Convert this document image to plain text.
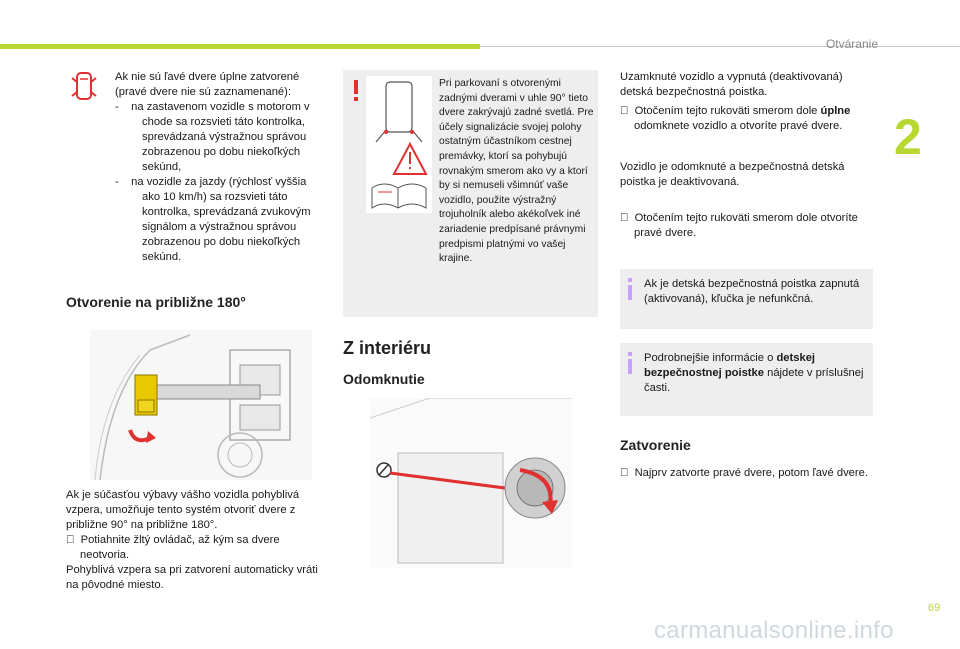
Otváranie
2
Ak nie sú ľavé dvere úplne zatvorené (pravé dvere nie sú zaznamenané):
-    na zastavenom vozidle s motorom v chode sa rozsvieti táto kontrolka, sprevádzaná výstražnou správou zobrazenou po dobu niekoľkých sekúnd,
-    na vozidle za jazdy (rýchlosť vyššia ako 10 km/h) sa rozsvieti táto kontrolka, sprevádzaná zvukovým signálom a výstražnou správou zobrazenou po dobu niekoľkých sekúnd.
Otvorenie na približne 180°
Ak je súčasťou výbavy vášho vozidla pohyblivá vzpera, umožňuje tento systém otvoriť dvere z približne 90° na približne 180°.
Potiahnite žltý ovládač, až kým sa dvere neotvoria.
Pohyblivá vzpera sa pri zatvorení automaticky vráti na pôvodné miesto.
Pri parkovaní s otvorenými zadnými dverami v uhle 90° tieto dvere zakrývajú zadné svetlá. Pre účely signalizácie svojej polohy ostatným účastníkom cestnej premávky, ktorí sa pohybujú rovnakým smerom ako vy a ktorí by si nemuseli všimnúť vaše vozidlo, použite výstražný trojuholník alebo akékoľvek iné zariadenie predpísané právnymi predpismi platnými vo vašej krajine.
Z interiéru
Odomknutie
Uzamknuté vozidlo a vypnutá (deaktivovaná) detská bezpečnostná poistka.
Otočením tejto rukoväti smerom dole úplne odomknete vozidlo a otvoríte pravé dvere.
Vozidlo je odomknuté a bezpečnostná detská poistka je deaktivovaná.
Otočením tejto rukoväti smerom dole otvoríte pravé dvere.
Ak je detská bezpečnostná poistka zapnutá (aktivovaná), kľučka je nefunkčná.
Podrobnejšie informácie o detskej bezpečnostnej poistke nájdete v príslušnej časti.
Zatvorenie
Najprv zatvorte pravé dvere, potom ľavé dvere.
69
carmanualsonline.info
